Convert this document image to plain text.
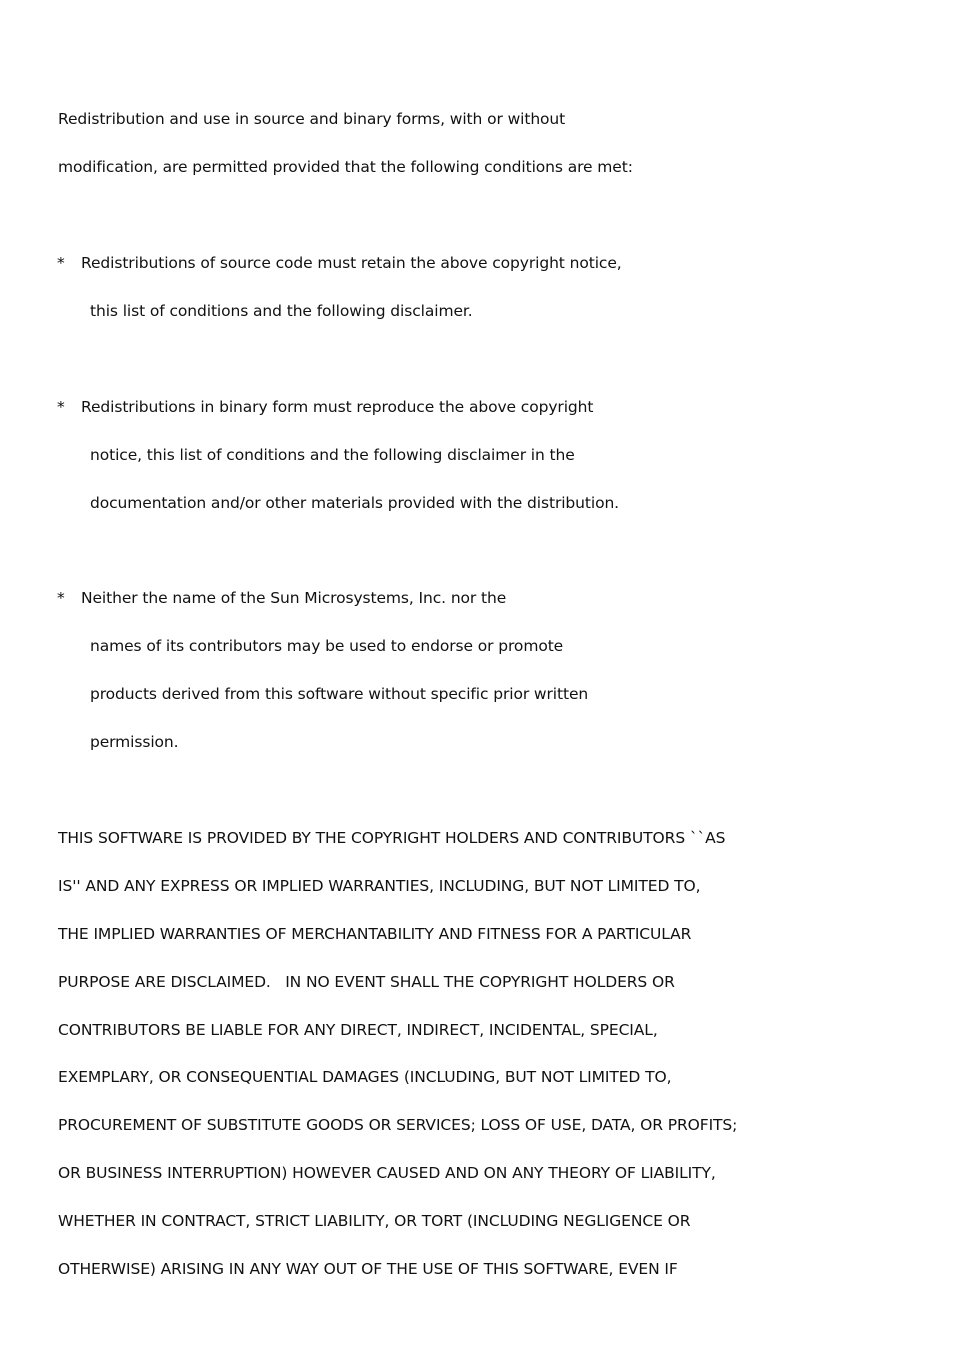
Redistribution and use in source and binary forms, with or without
modification, are permitted provided that the following conditions are met:
* Redistributions of source code must retain the above copyright notice,
this list of conditions and the following disclaimer.
* Redistributions in binary form must reproduce the above copyright
notice, this list of conditions and the following disclaimer in the
documentation and/or other materials provided with the distribution.
* Neither the name of the Sun Microsystems, Inc. nor the
names of its contributors may be used to endorse or promote
products derived from this software without specific prior written
permission.
THIS SOFTWARE IS PROVIDED BY THE COPYRIGHT HOLDERS AND CONTRIBUTORS ``AS
IS'' AND ANY EXPRESS OR IMPLIED WARRANTIES, INCLUDING, BUT NOT LIMITED TO,
THE IMPLIED WARRANTIES OF MERCHANTABILITY AND FITNESS FOR A PARTICULAR
PURPOSE ARE DISCLAIMED.   IN NO EVENT SHALL THE COPYRIGHT HOLDERS OR
CONTRIBUTORS BE LIABLE FOR ANY DIRECT, INDIRECT, INCIDENTAL, SPECIAL,
EXEMPLARY, OR CONSEQUENTIAL DAMAGES (INCLUDING, BUT NOT LIMITED TO,
PROCUREMENT OF SUBSTITUTE GOODS OR SERVICES; LOSS OF USE, DATA, OR PROFITS;
OR BUSINESS INTERRUPTION) HOWEVER CAUSED AND ON ANY THEORY OF LIABILITY,
WHETHER IN CONTRACT, STRICT LIABILITY, OR TORT (INCLUDING NEGLIGENCE OR
OTHERWISE) ARISING IN ANY WAY OUT OF THE USE OF THIS SOFTWARE, EVEN IF
